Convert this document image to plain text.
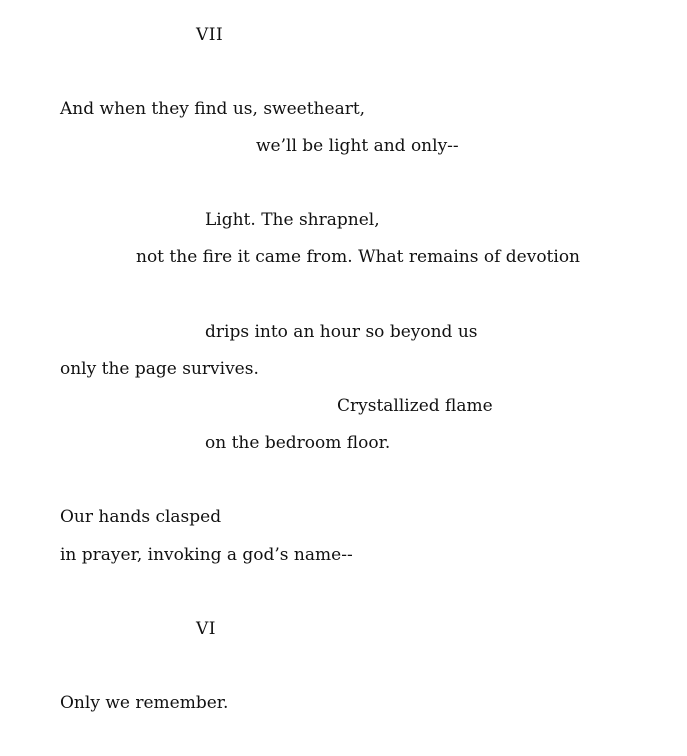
VII
And when they find us, sweetheart,
we’ll be light and only--
Light. The shrapnel,
not the fire it came from. What remains of devotion
drips into an hour so beyond us
only the page survives.
Crystallized flame
on the bedroom floor.
Our hands clasped
in prayer, invoking a god’s name--
VI
Only we remember.
